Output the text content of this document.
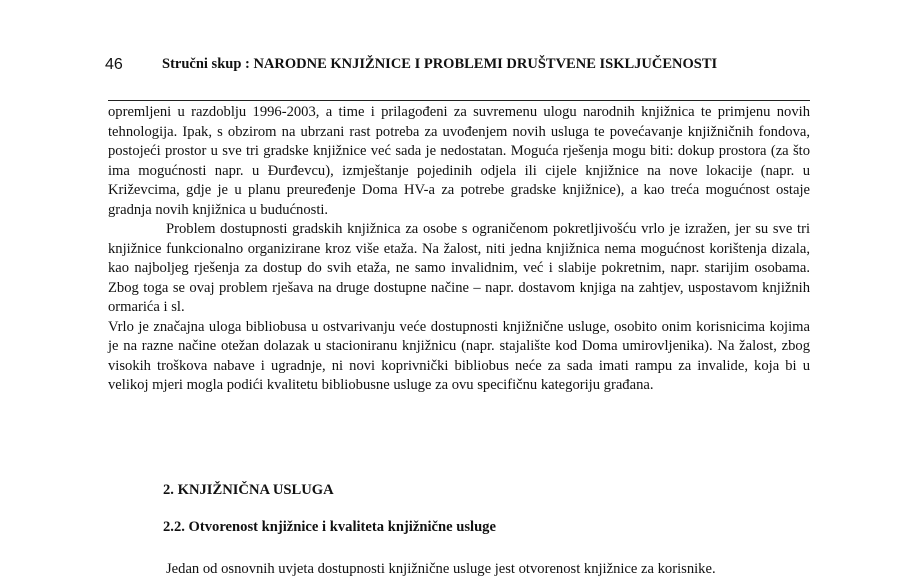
46	Stručni skup : NARODNE KNJIŽNICE I PROBLEMI DRUŠTVENE ISKLJUČENOSTI

opremljeni u razdoblju 1996-2003, a time i prilagođeni za suvremenu ulogu narodnih knjižnica te primjenu novih tehnologija. Ipak, s obzirom na ubrzani rast potreba za uvođenjem novih usluga te povećavanje knjižničnih fondova, postojeći prostor u sve tri gradske knjižnice već sada je nedostatan. Moguća rješenja mogu biti: dokup prostora (za što ima mogućnosti napr. u Đurđevcu), izmještanje pojedinih odjela ili cijele knjižnice na nove lokacije (napr. u Križevcima, gdje je u planu preuređenje Doma HV-a za potrebe gradske knjižnice), a kao treća mogućnost ostaje gradnja novih knjižnica u budućnosti.

Problem dostupnosti gradskih knjižnica za osobe s ograničenom pokretljivošću vrlo je izražen, jer su sve tri knjižnice funkcionalno organizirane kroz više etaža. Na žalost, niti jedna knjižnica nema mogućnost korištenja dizala, kao najboljeg rješenja za dostup do svih etaža, ne samo invalidnim, već i slabije pokretnim, napr. starijim osobama. Zbog toga se ovaj problem rješava na druge dostupne načine – napr. dostavom knjiga na zahtjev, uspostavom knjižnih ormarića i sl.

Vrlo je značajna uloga bibliobusa u ostvarivanju veće dostupnosti knjižnične usluge, osobito onim korisnicima kojima je na razne načine otežan dolazak u stacioniranu knjižnicu (napr. stajalište kod Doma umirovljenika). Na žalost, zbog visokih troškova nabave i ugradnje, ni novi koprivnički bibliobus neće za sada imati rampu za invalide, koja bi u velikoj mjeri mogla podići kvalitetu bibliobusne usluge za ovu specifičnu kategoriju građana.

2. KNJIŽNIČNA USLUGA
2.2. Otvorenost knjižnice i kvaliteta knjižnične usluge
Jedan od osnovnih uvjeta dostupnosti knjižnične usluge jest otvorenost knjižnice za korisnike.
